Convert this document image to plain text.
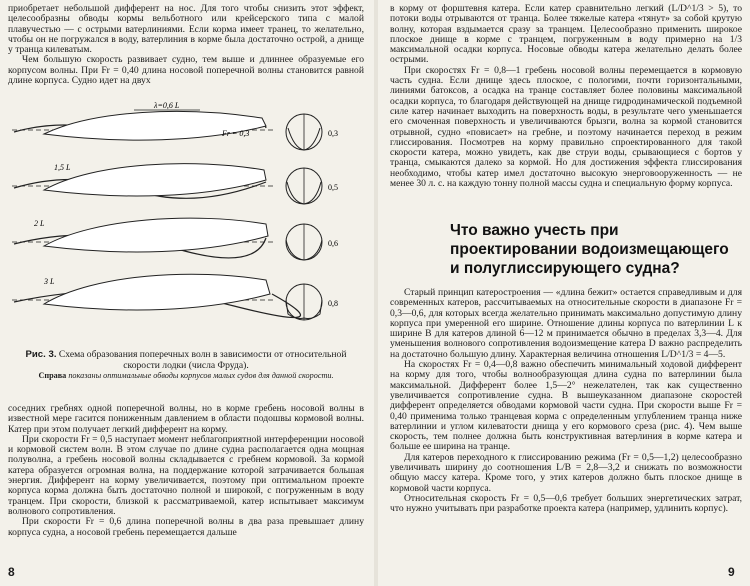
приобретает небольшой дифферент на нос. Для того чтобы снизить этот эффект, целесообразны обводы кормы вельботного или крейсерского типа с малой плавучестью — с острыми ватерлиниями. Если корма имеет транец, то желательно, чтобы он не погружался в воду, ватерлиния в корме была достаточно острой, а днище у транца килеватым.

Чем большую скорость развивает судно, тем выше и длиннее образуемые его корпусом волны. При Fr = 0,40 длина носовой поперечной волны становится равной длине корпуса. Судно идет на двух

λ=0,6 L
Fr = 0,3	0,3
1,5 L
0,5
2 L
0,6
3 L
0,8

Рис. 3. Схема образования поперечных волн в зависимости от относительной скорости лодки (числа Фруда).

Справа показаны оптимальные обводы корпусов малых судов для данной скорости.

соседних гребнях одной поперечной волны, но в корме гребень носовой волны в известной мере гасится пониженным давлением в области подошвы кормовой волны. Катер при этом получает легкий дифферент на корму.

При скорости Fr = 0,5 наступает момент неблагоприятной интерференции носовой и кормовой систем волн. В этом случае по длине судна располагается одна мощная полуволна, а гребень носовой волны складывается с гребнем кормовой. За кормой катера образуется огромная волна, на поддержание которой затрачивается большая энергия. Дифферент на корму увеличивается, поэтому при оптимальном проекте корпуса корма должна быть достаточно полной и широкой, с погруженным в воду транцем. При скорости, близкой к рассматриваемой, катер испытывает максимум волнового сопротивления.

При скорости Fr = 0,6 длина поперечной волны в два раза превышает длину корпуса судна, а носовой гребень перемещается дальше

8

в корму от форштевня катера. Если катер сравнительно легкий (L/D^1/3 > 5), то потоки воды отрываются от транца. Более тяжелые катера «тянут» за собой крутую волну, которая вздымается сразу за транцем. Целесообразно применить широкое плоское днище в корме с транцем, погруженным в воду примерно на 1/3 максимальной осадки корпуса. Носовые обводы катера желательно делать более острыми.

При скоростях Fr = 0,8—1 гребень носовой волны перемещается в кормовую часть судна. Если днище здесь плоское, с пологими, почти горизонтальными, линиями батоксов, а осадка на транце составляет более половины максимальной осадки корпуса, то благодаря действующей на днище гидродинамической подъемной силе катер начинает выходить на поверхность воды, в результате чего уменьшается его смоченная поверхность и увеличиваются брызги, волна за кормой становится отрывной, судно «повисает» на гребне, и поэтому начинается переход в режим глиссирования. Посмотрев на корму правильно спроектированного для такой скорости катера, можно увидеть, как две струи воды, срывающиеся с бортов у транца, смыкаются далеко за кормой. Но для достижения эффекта глиссирования необходимо, чтобы катер имел достаточно высокую энерговооруженность — не менее 30 л. с. на каждую тонну полной массы судна и специальную форму корпуса.

Что важно учесть при проектировании водоизмещающего и полуглиссирующего судна?

Старый принцип катеростроения — «длина бежит» остается справедливым и для современных катеров, рассчитываемых на относительные скорости в диапазоне Fr = 0,3—0,6, для которых всегда желательно принимать максимально допустимую длину корпуса при умеренной его ширине. Отношение длины корпуса по ватерлинии L к ширине B для катеров длиной 6—12 м принимается обычно в пределах 3,3—4. Для уменьшения волнового сопротивления водоизмещение катера D важно распределить на достаточно большую длину. Характерная величина отношения L/D^1/3 = 4—5.

На скоростях Fr = 0,4—0,8 важно обеспечить минимальный ходовой дифферент на корму для того, чтобы волнообразующая длина судна по ватерлинии была максимальной. Дифферент более 1,5—2° нежелателен, так как существенно увеличивается сопротивление судна. В вышеуказанном диапазоне скоростей дифферент определяется обводами кормовой части судна. При скорости выше Fr = 0,40 применима только транцевая корма с определенным углублением транца ниже ватерлинии и углом килеватости днища у его кормового среза (рис. 4). Чем выше скорость, тем полнее должна быть конструктивная ватерлиния в корме катера и больше ее ширина на транце.

Для катеров переходного к глиссированию режима (Fr = 0,5—1,2) целесообразно увеличивать ширину до соотношения L/B = 2,8—3,2 и снижать по возможности общую массу катера. Кроме того, у этих катеров должно быть плоское днище в кормовой части корпуса.

Относительная скорость Fr = 0,5—0,6 требует больших энергетических затрат, что нужно учитывать при разработке проекта катера (например, удлинить корпус).

9
